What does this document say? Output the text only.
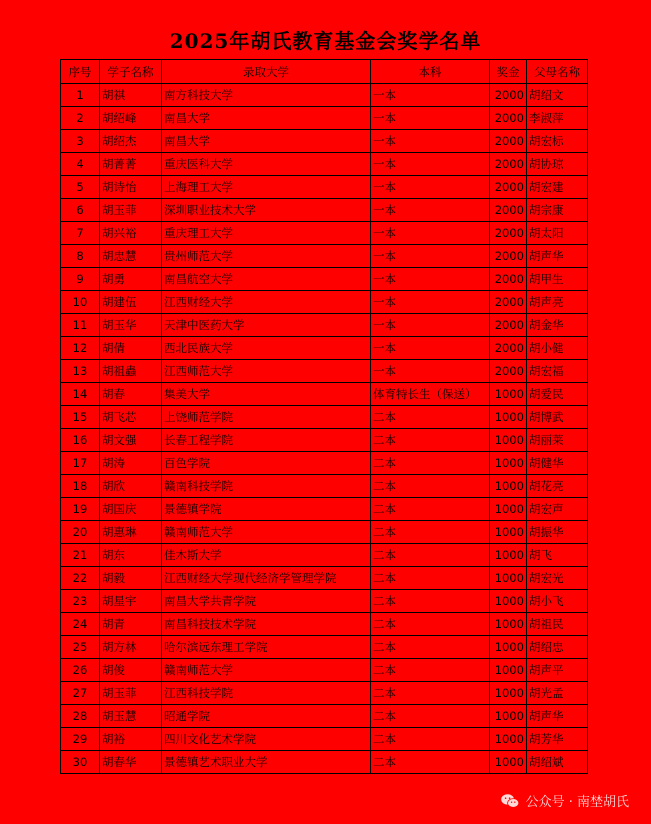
2025年胡氏教育基金会奖学名单
序号	学子名称	录取大学	本科	奖金	父母名称
1	胡祺	南方科技大学	一本	2000	胡绍文
2	胡绍峰	南昌大学	一本	2000	李淑萍
3	胡绍杰	南昌大学	一本	2000	胡宏标
4	胡菁菁	重庆医科大学	一本	2000	胡协琼
5	胡诗怡	上海理工大学	一本	2000	胡宏建
6	胡玉菲	深圳职业技术大学	一本	2000	胡宗康
7	胡兴裕	重庆理工大学	一本	2000	胡太阳
8	胡忠慧	贵州师范大学	一本	2000	胡声华
9	胡勇	南昌航空大学	一本	2000	胡甲生
10	胡建伍	江西财经大学	一本	2000	胡声亮
11	胡玉华	天津中医药大学	一本	2000	胡金华
12	胡倩	西北民族大学	一本	2000	胡小健
13	胡祖蟲	江西师范大学	一本	2000	胡宏福
14	胡春	集美大学	体育特长生（保送）	1000	胡爱民
15	胡飞芯	上饶师范学院	二本	1000	胡博武
16	胡文强	长春工程学院	二本	1000	胡丽莱
17	胡涛	百色学院	二本	1000	胡健华
18	胡欣	赣南科技学院	二本	1000	胡花亮
19	胡国庆	景德镇学院	二本	1000	胡宏声
20	胡惠琳	赣南师范大学	二本	1000	胡振华
21	胡东	佳木斯大学	二本	1000	胡飞
22	胡毅	江西财经大学现代经济学管理学院	二本	1000	胡宏光
23	胡星宇	南昌大学共青学院	二本	1000	胡小飞
24	胡青	南昌科技技术学院	二本	1000	胡祖民
25	胡方林	哈尔滨远东理工学院	二本	1000	胡绍忠
26	胡俊	赣南师范大学	二本	1000	胡声平
27	胡玉菲	江西科技学院	二本	1000	胡光孟
28	胡玉慧	昭通学院	二本	1000	胡声华
29	胡裕	四川文化艺术学院	二本	1000	胡芳华
30	胡春华	景德镇艺术职业大学	二本	1000	胡绍斌
公众号 · 南埜胡氏
